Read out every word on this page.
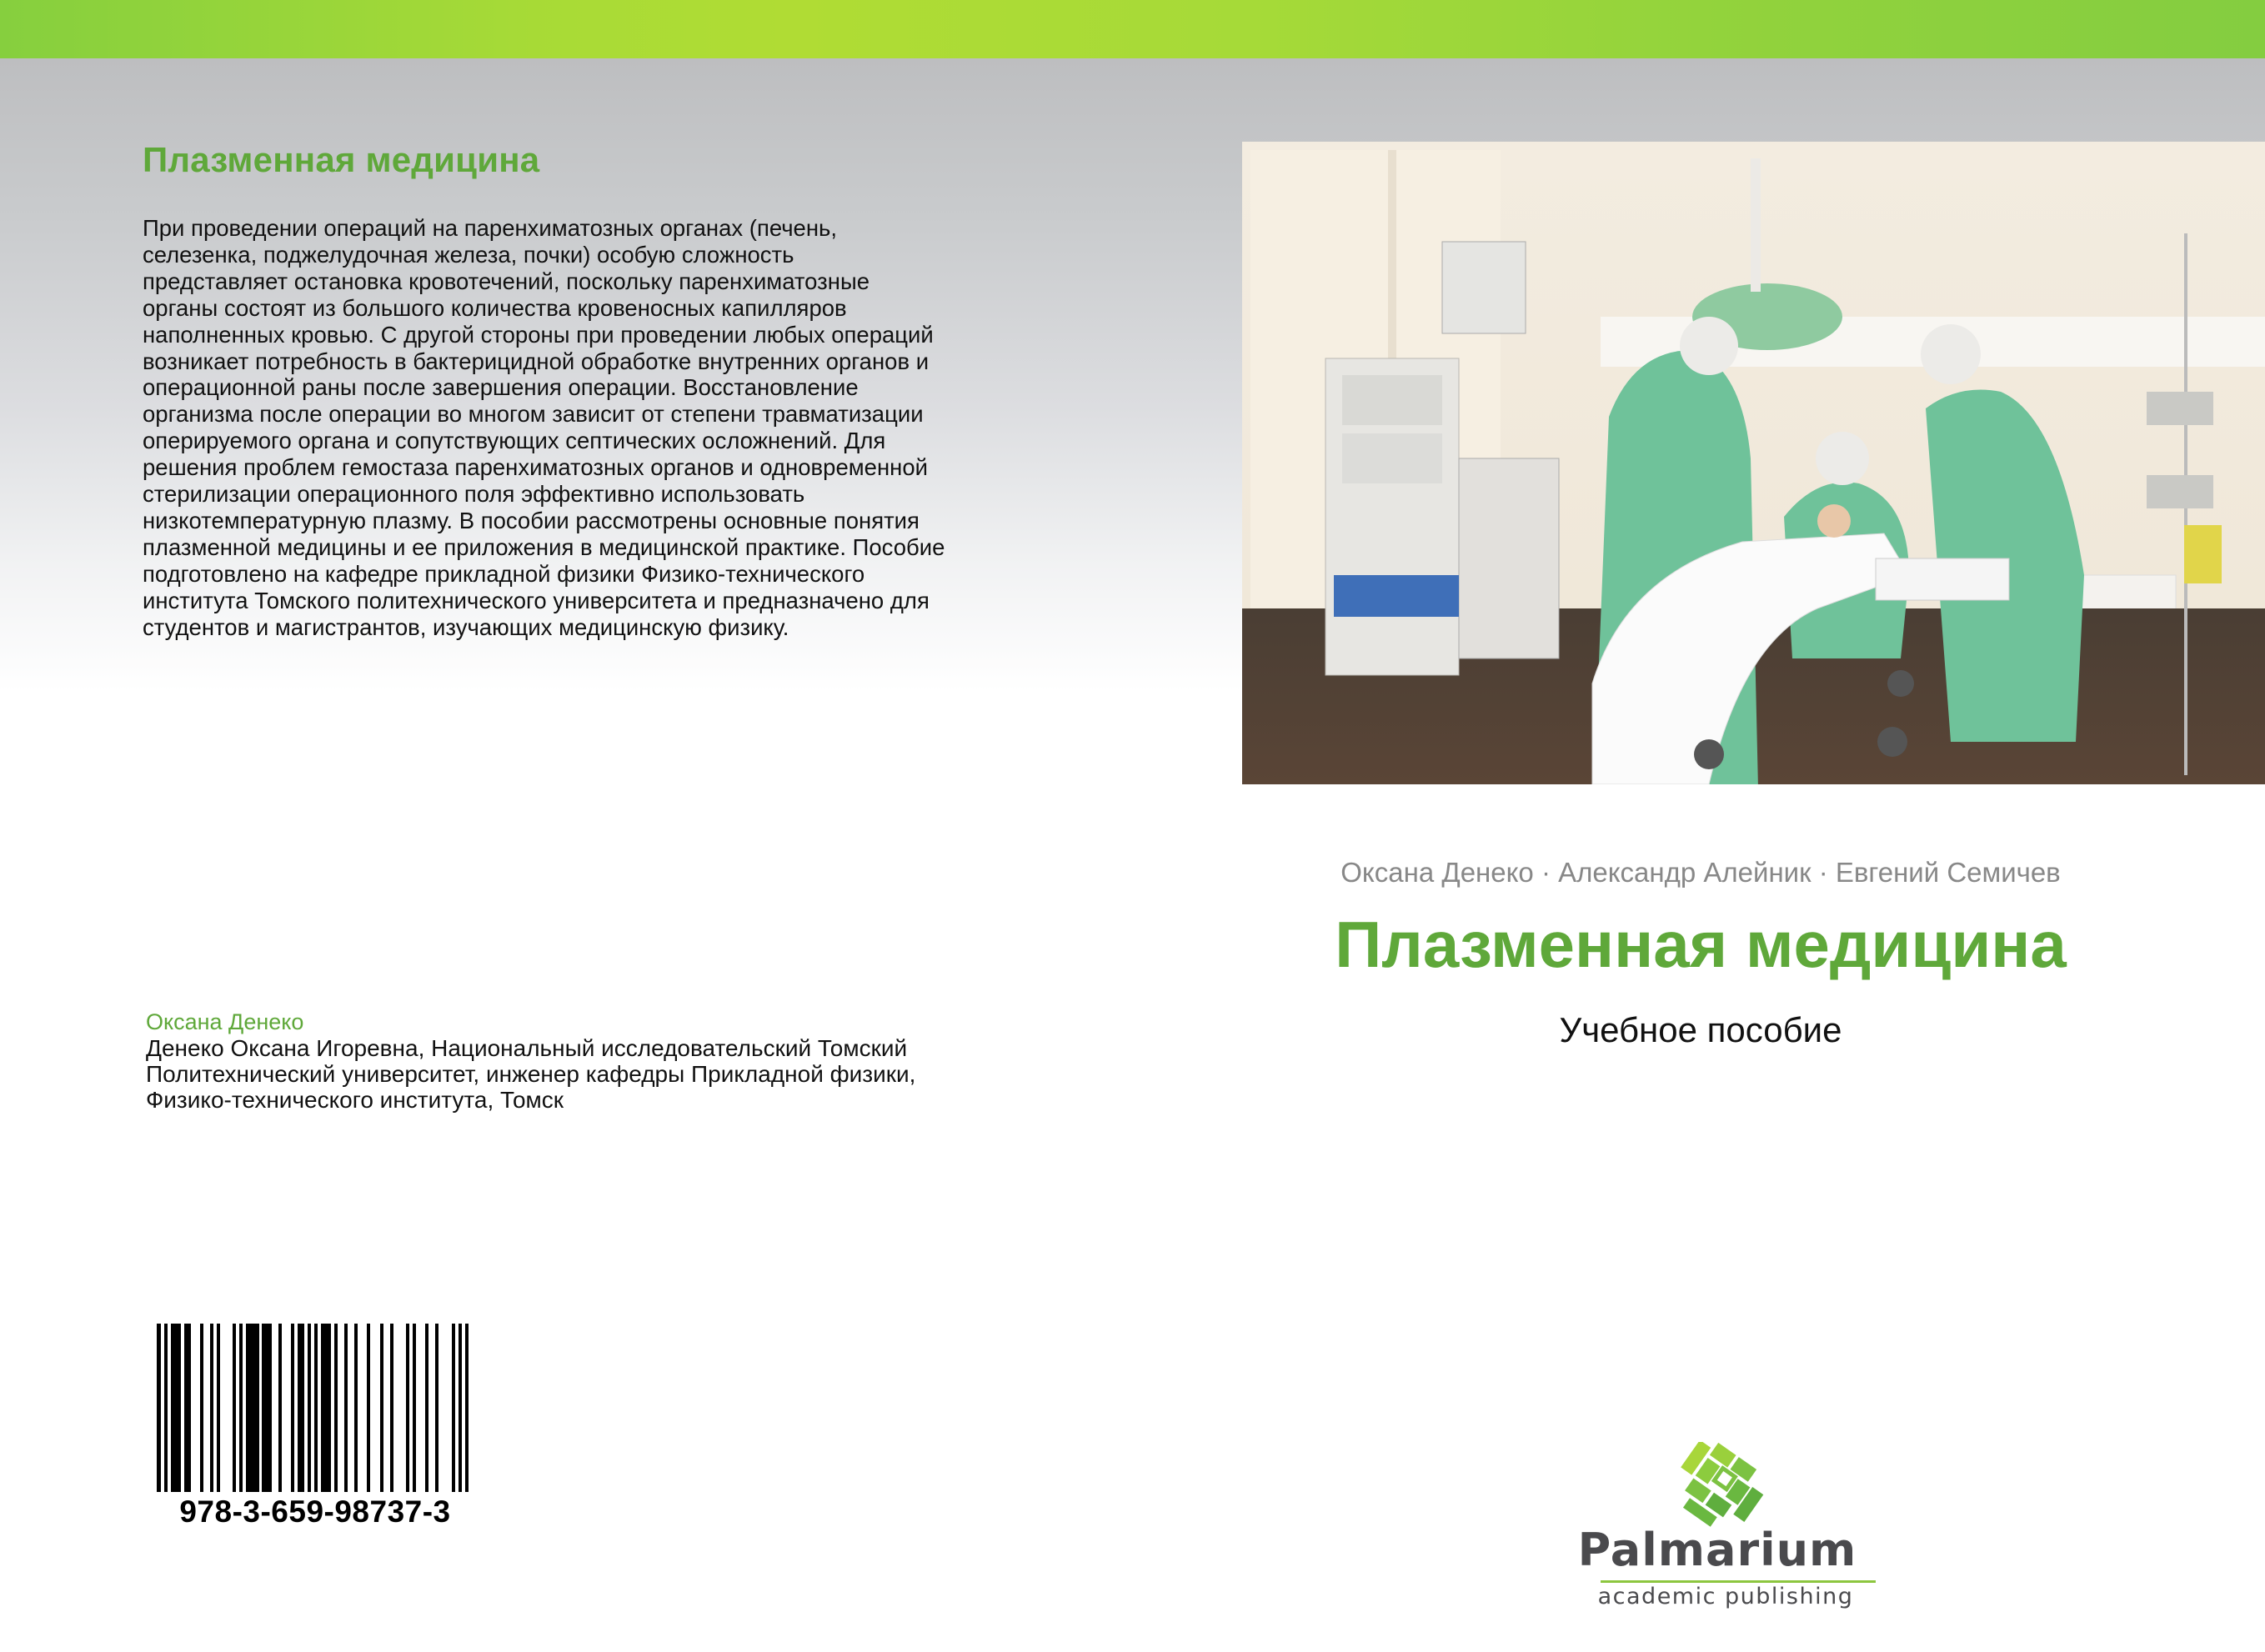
Плазменная медицина
При проведении операций на паренхиматозных органах (печень,
селезенка, поджелудочная железа, почки) особую сложность
представляет остановка кровотечений, поскольку паренхиматозные
органы состоят из большого количества кровеносных капилляров
наполненных кровью. С другой стороны при проведении любых операций
возникает потребность в бактерицидной обработке внутренних органов и
операционной раны после завершения операции. Восстановление
организма после операции во многом зависит от степени травматизации
оперируемого органа и сопутствующих септических осложнений. Для
решения проблем гемостаза паренхиматозных органов и одновременной
стерилизации операционного поля эффективно использовать
низкотемпературную плазму. В пособии рассмотрены основные понятия
плазменной медицины и ее приложения в медицинской практике. Пособие
подготовлено на кафедре прикладной физики Физико-технического
института Томского политехнического университета и предназначено для
студентов и магистрантов, изучающих медицинскую физику.
Оксана Денеко
Денеко Оксана Игоревна, Национальный исследовательский Томский
Политехнический университет, инженер кафедры Прикладной физики,
Физико-технического института, Томск
978-3-659-98737-3
Оксана Денеко · Александр Алейник · Евгений Семичев
Плазменная медицина
Учебное пособие
Palmarium
academic publishing
